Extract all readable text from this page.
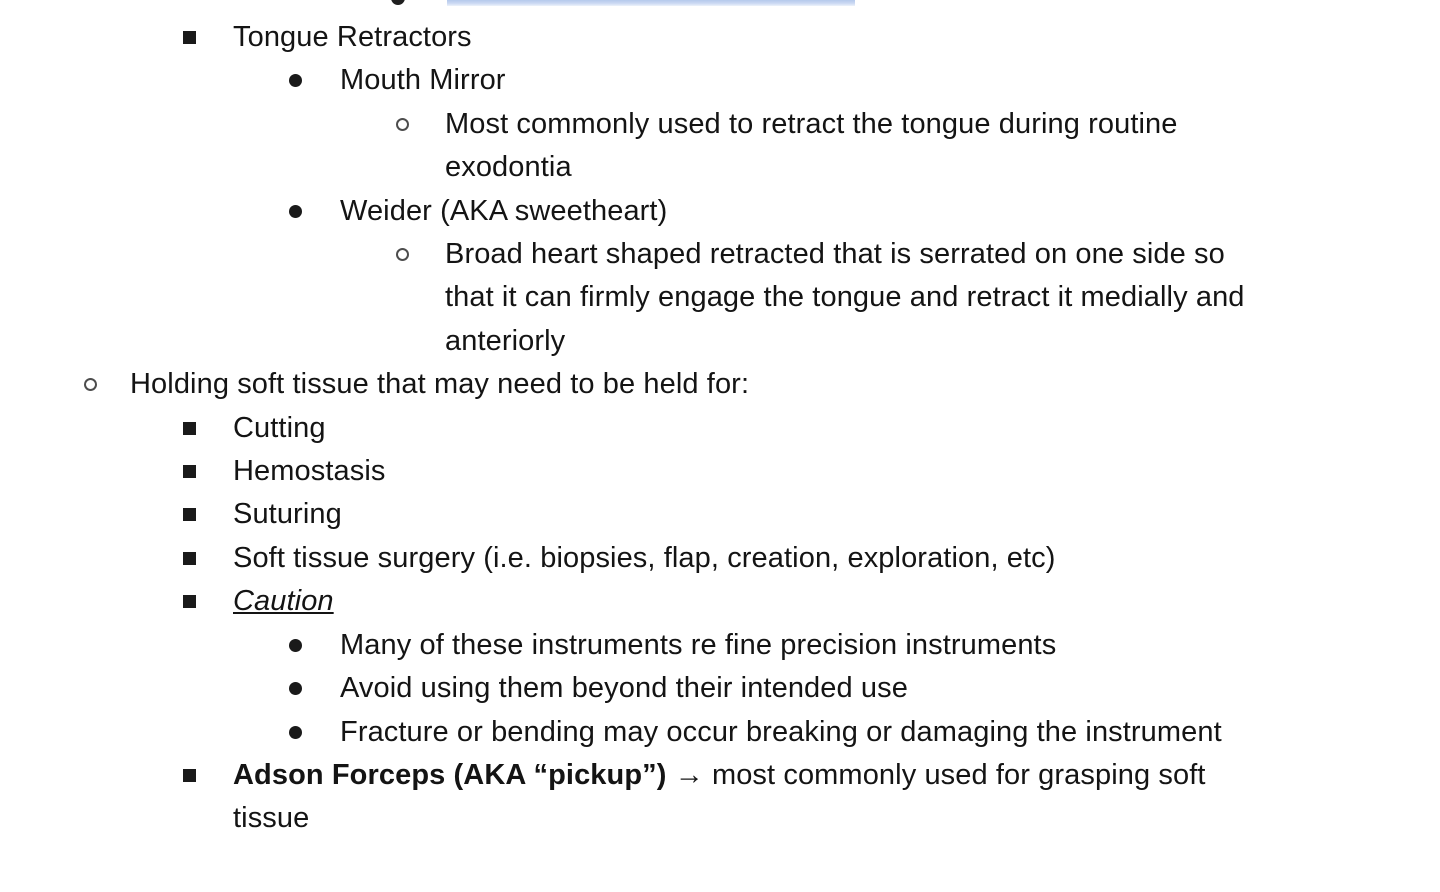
Tongue Retractors
Mouth Mirror
Most commonly used to retract the tongue during routine exodontia
Weider (AKA sweetheart)
Broad heart shaped retracted that is serrated on one side so that it can firmly engage the tongue and retract it medially and anteriorly
Holding soft tissue that may need to be held for:
Cutting
Hemostasis
Suturing
Soft tissue surgery (i.e. biopsies, flap, creation, exploration, etc)
Caution
Many of these instruments re fine precision instruments
Avoid using them beyond their intended use
Fracture or bending may occur breaking or damaging the instrument
Adson Forceps (AKA “pickup”) → most commonly used for grasping soft tissue
